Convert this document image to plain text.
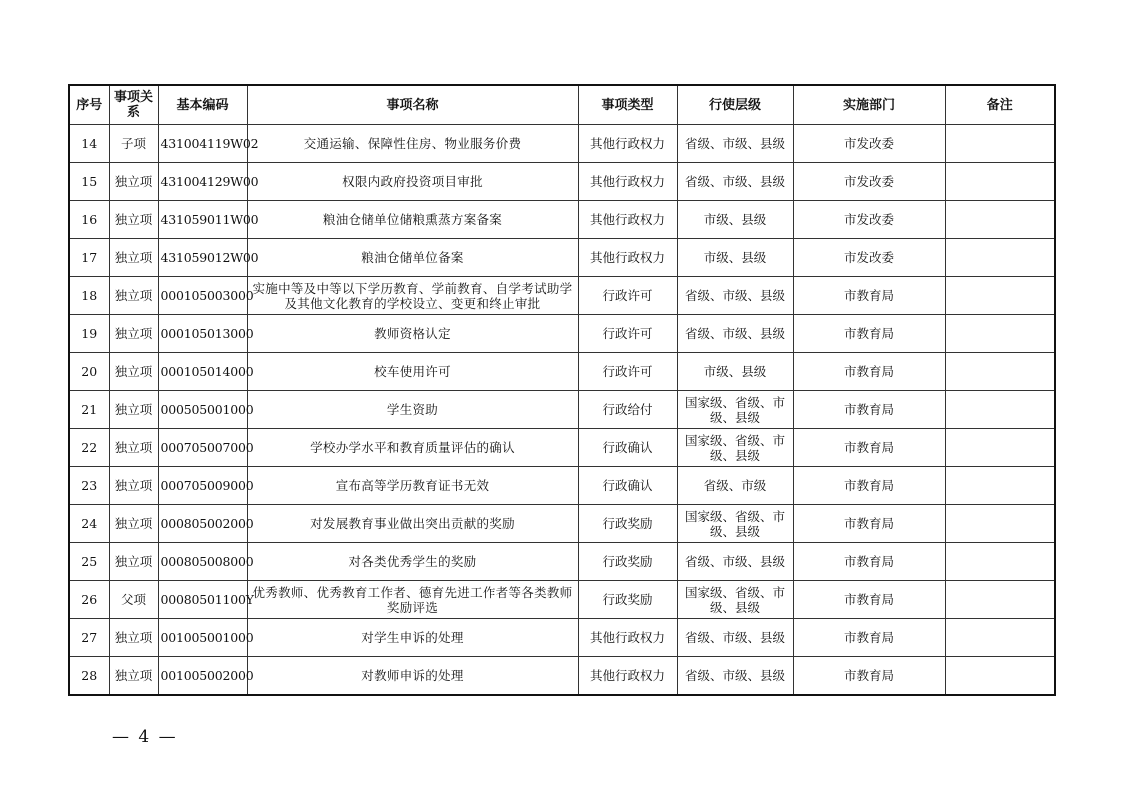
序号	事项关系	基本编码	事项名称	事项类型	行使层级	实施部门	备注
14	子项	431004119W02	交通运输、保障性住房、物业服务价费	其他行政权力	省级、市级、县级	市发改委	
15	独立项	431004129W00	权限内政府投资项目审批	其他行政权力	省级、市级、县级	市发改委	
16	独立项	431059011W00	粮油仓储单位储粮熏蒸方案备案	其他行政权力	市级、县级	市发改委	
17	独立项	431059012W00	粮油仓储单位备案	其他行政权力	市级、县级	市发改委	
18	独立项	000105003000	实施中等及中等以下学历教育、学前教育、自学考试助学及其他文化教育的学校设立、变更和终止审批	行政许可	省级、市级、县级	市教育局	
19	独立项	000105013000	教师资格认定	行政许可	省级、市级、县级	市教育局	
20	独立项	000105014000	校车使用许可	行政许可	市级、县级	市教育局	
21	独立项	000505001000	学生资助	行政给付	国家级、省级、市级、县级	市教育局	
22	独立项	000705007000	学校办学水平和教育质量评估的确认	行政确认	国家级、省级、市级、县级	市教育局	
23	独立项	000705009000	宣布高等学历教育证书无效	行政确认	省级、市级	市教育局	
24	独立项	000805002000	对发展教育事业做出突出贡献的奖励	行政奖励	国家级、省级、市级、县级	市教育局	
25	独立项	000805008000	对各类优秀学生的奖励	行政奖励	省级、市级、县级	市教育局	
26	父项	00080501100Y	优秀教师、优秀教育工作者、德育先进工作者等各类教师奖励评选	行政奖励	国家级、省级、市级、县级	市教育局	
27	独立项	001005001000	对学生申诉的处理	其他行政权力	省级、市级、县级	市教育局	
28	独立项	001005002000	对教师申诉的处理	其他行政权力	省级、市级、县级	市教育局	
— 4 —
